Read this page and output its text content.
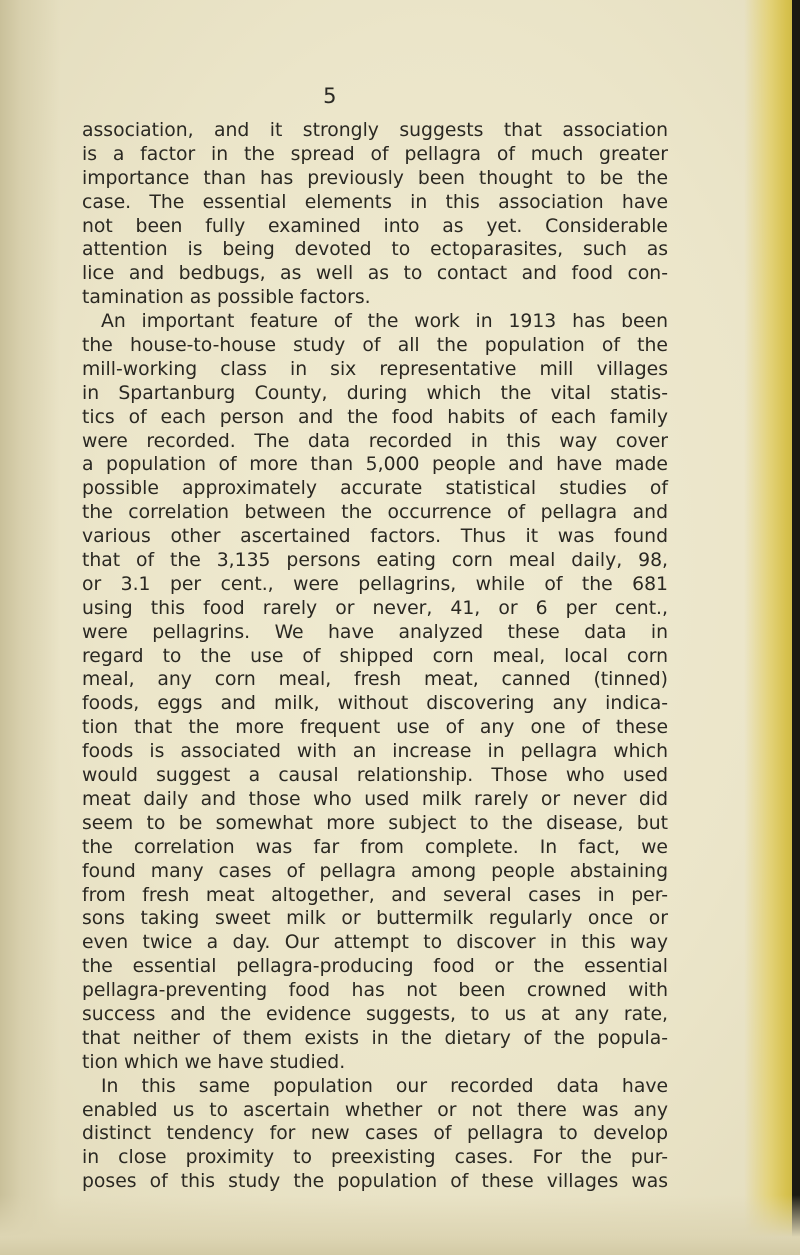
5
association, and it strongly suggests that association
is a factor in the spread of pellagra of much greater
importance than has previously been thought to be the
case. The essential elements in this association have
not been fully examined into as yet. Considerable
attention is being devoted to ectoparasites, such as
lice and bedbugs, as well as to contact and food con-
tamination as possible factors.
An important feature of the work in 1913 has been
the house-to-house study of all the population of the
mill-working class in six representative mill villages
in Spartanburg County, during which the vital statis-
tics of each person and the food habits of each family
were recorded. The data recorded in this way cover
a population of more than 5,000 people and have made
possible approximately accurate statistical studies of
the correlation between the occurrence of pellagra and
various other ascertained factors. Thus it was found
that of the 3,135 persons eating corn meal daily, 98,
or 3.1 per cent., were pellagrins, while of the 681
using this food rarely or never, 41, or 6 per cent.,
were pellagrins. We have analyzed these data in
regard to the use of shipped corn meal, local corn
meal, any corn meal, fresh meat, canned (tinned)
foods, eggs and milk, without discovering any indica-
tion that the more frequent use of any one of these
foods is associated with an increase in pellagra which
would suggest a causal relationship. Those who used
meat daily and those who used milk rarely or never did
seem to be somewhat more subject to the disease, but
the correlation was far from complete. In fact, we
found many cases of pellagra among people abstaining
from fresh meat altogether, and several cases in per-
sons taking sweet milk or buttermilk regularly once or
even twice a day. Our attempt to discover in this way
the essential pellagra-producing food or the essential
pellagra-preventing food has not been crowned with
success and the evidence suggests, to us at any rate,
that neither of them exists in the dietary of the popula-
tion which we have studied.
In this same population our recorded data have
enabled us to ascertain whether or not there was any
distinct tendency for new cases of pellagra to develop
in close proximity to preexisting cases. For the pur-
poses of this study the population of these villages was
